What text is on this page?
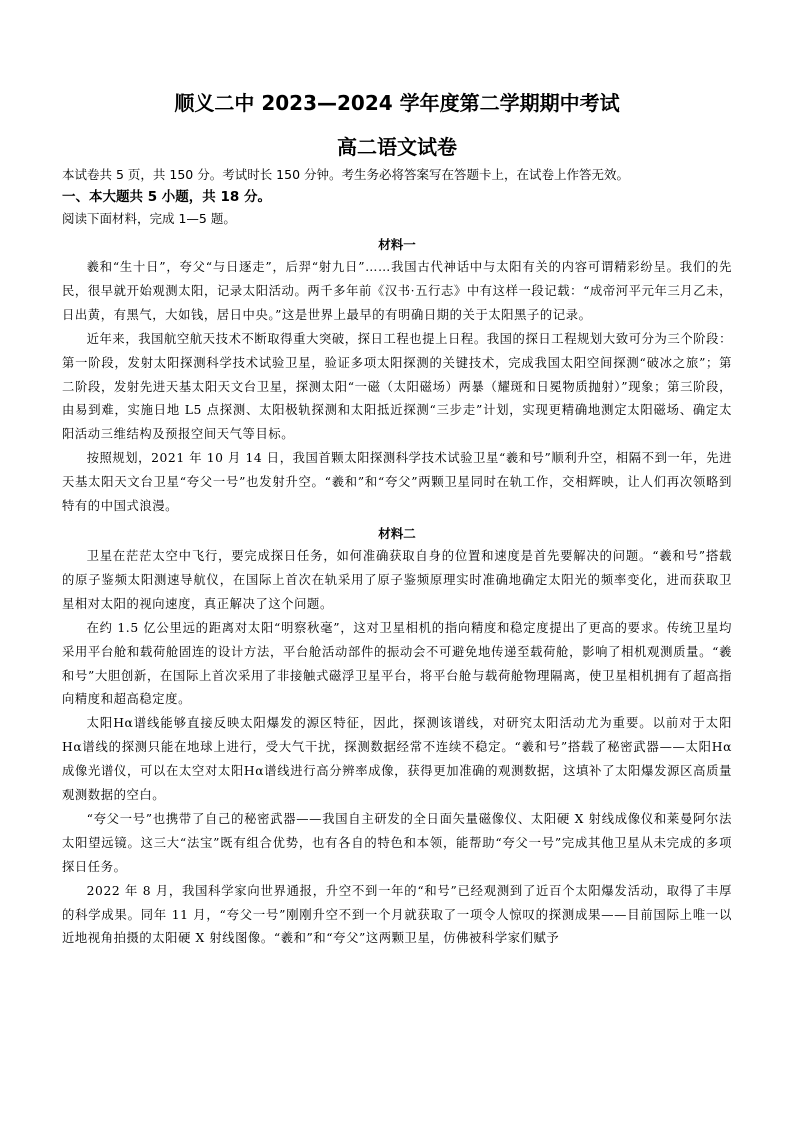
顺义二中 2023—2024 学年度第二学期期中考试
高二语文试卷

本试卷共 5 页，共 150 分。考试时长 150 分钟。考生务必将答案写在答题卡上，在试卷上作答无效。

一、本大题共 5 小题，共 18 分。

阅读下面材料，完成 1—5 题。

材料一

羲和“生十日”，夸父“与日逐走”，后羿“射九日”……我国古代神话中与太阳有关的内容可谓精彩纷呈。我们的先民，很早就开始观测太阳，记录太阳活动。两千多年前《汉书·五行志》中有这样一段记载：“成帝河平元年三月乙未，日出黄，有黑气，大如钱，居日中央。”这是世界上最早的有明确日期的关于太阳黑子的记录。

近年来，我国航空航天技术不断取得重大突破，探日工程也提上日程。我国的探日工程规划大致可分为三个阶段：第一阶段，发射太阳探测科学技术试验卫星，验证多项太阳探测的关键技术，完成我国太阳空间探测“破冰之旅”；第二阶段，发射先进天基太阳天文台卫星，探测太阳“一磁（太阳磁场）两暴（耀斑和日冕物质抛射）”现象；第三阶段，由易到难，实施日地 L5 点探测、太阳极轨探测和太阳抵近探测“三步走”计划，实现更精确地测定太阳磁场、确定太阳活动三维结构及预报空间天气等目标。

按照规划，2021 年 10 月 14 日，我国首颗太阳探测科学技术试验卫星“羲和号”顺利升空，相隔不到一年，先进天基太阳天文台卫星“夸父一号”也发射升空。“羲和”和“夸父”两颗卫星同时在轨工作，交相辉映，让人们再次领略到特有的中国式浪漫。

材料二

卫星在茫茫太空中飞行，要完成探日任务，如何准确获取自身的位置和速度是首先要解决的问题。“羲和号”搭载的原子鉴频太阳测速导航仪，在国际上首次在轨采用了原子鉴频原理实时准确地确定太阳光的频率变化，进而获取卫星相对太阳的视向速度，真正解决了这个问题。

在约 1.5 亿公里远的距离对太阳“明察秋毫”，这对卫星相机的指向精度和稳定度提出了更高的要求。传统卫星均采用平台舱和载荷舱固连的设计方法，平台舱活动部件的振动会不可避免地传递至载荷舱，影响了相机观测质量。“羲和号”大胆创新，在国际上首次采用了非接触式磁浮卫星平台，将平台舱与载荷舱物理隔离，使卫星相机拥有了超高指向精度和超高稳定度。

太阳Hα谱线能够直接反映太阳爆发的源区特征，因此，探测该谱线，对研究太阳活动尤为重要。以前对于太阳Hα谱线的探测只能在地球上进行，受大气干扰，探测数据经常不连续不稳定。“羲和号”搭载了秘密武器——太阳Hα成像光谱仪，可以在太空对太阳Hα谱线进行高分辨率成像，获得更加准确的观测数据，这填补了太阳爆发源区高质量观测数据的空白。

“夸父一号”也携带了自己的秘密武器——我国自主研发的全日面矢量磁像仪、太阳硬 X 射线成像仪和莱曼阿尔法太阳望远镜。这三大“法宝”既有组合优势，也有各自的特色和本领，能帮助“夸父一号”完成其他卫星从未完成的多项探日任务。

2022 年 8 月，我国科学家向世界通报，升空不到一年的“和号”已经观测到了近百个太阳爆发活动，取得了丰厚的科学成果。同年 11 月，“夸父一号”刚刚升空不到一个月就获取了一项令人惊叹的探测成果——目前国际上唯一以近地视角拍摄的太阳硬 X 射线图像。“羲和”和“夸父”这两颗卫星，仿佛被科学家们赋予
